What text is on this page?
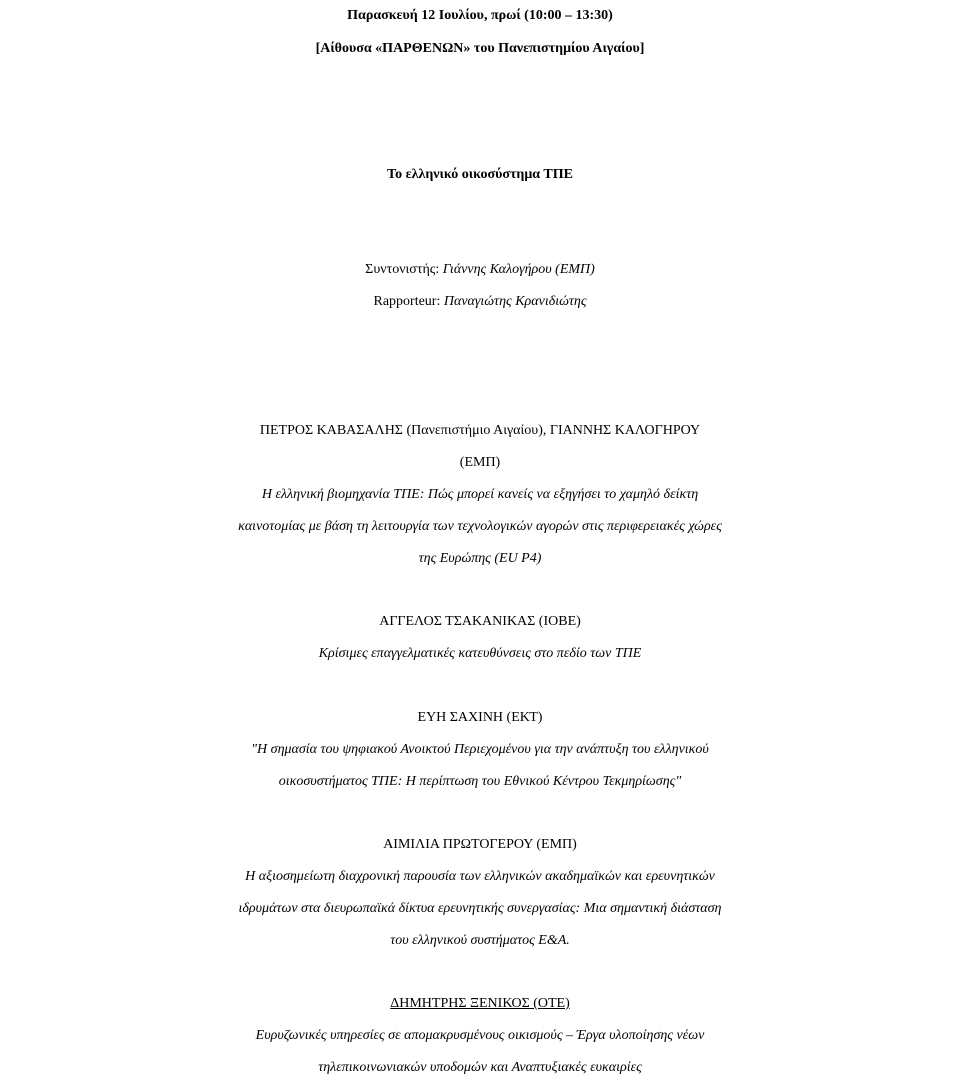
Παρασκευή 12 Ιουλίου, πρωί (10:00 – 13:30)
[Αίθουσα «ΠΑΡΘΕΝΩΝ» του Πανεπιστημίου Αιγαίου]
Το ελληνικό οικοσύστημα ΤΠΕ
Συντονιστής: Γιάννης Καλογήρου (ΕΜΠ)
Rapporteur: Παναγιώτης Κρανιδιώτης
ΠΕΤΡΟΣ ΚΑΒΑΣΑΛΗΣ (Πανεπιστήμιο Αιγαίου), ΓΙΑΝΝΗΣ ΚΑΛΟΓΗΡΟΥ
(ΕΜΠ)
Η ελληνική βιομηχανία ΤΠΕ: Πώς μπορεί κανείς να εξηγήσει το χαμηλό δείκτη
καινοτομίας με βάση τη λειτουργία των τεχνολογικών αγορών στις περιφερειακές χώρες
της Ευρώπης (EU P4)
ΑΓΓΕΛΟΣ ΤΣΑΚΑΝΙΚΑΣ (ΙΟΒΕ)
Κρίσιμες επαγγελματικές κατευθύνσεις στο πεδίο των ΤΠΕ
ΕΥΗ ΣΑΧΙΝΗ (ΕΚΤ)
"Η σημασία του ψηφιακού Ανοικτού Περιεχομένου για την ανάπτυξη του ελληνικού
οικοσυστήματος ΤΠΕ: Η περίπτωση του Εθνικού Κέντρου Τεκμηρίωσης"
ΑΙΜΙΛΙΑ ΠΡΩΤΟΓΕΡΟΥ (ΕΜΠ)
Η αξιοσημείωτη διαχρονική παρουσία των ελληνικών ακαδημαϊκών και ερευνητικών
ιδρυμάτων στα διευρωπαϊκά δίκτυα ερευνητικής συνεργασίας: Μια σημαντική διάσταση
του ελληνικού συστήματος Ε&Α.
ΔΗΜΗΤΡΗΣ ΞΕΝΙΚΟΣ (ΟΤΕ)
Ευρυζωνικές υπηρεσίες σε απομακρυσμένους οικισμούς – Έργα υλοποίησης νέων
τηλεπικοινωνιακών υποδομών και Αναπτυξιακές ευκαιρίες
